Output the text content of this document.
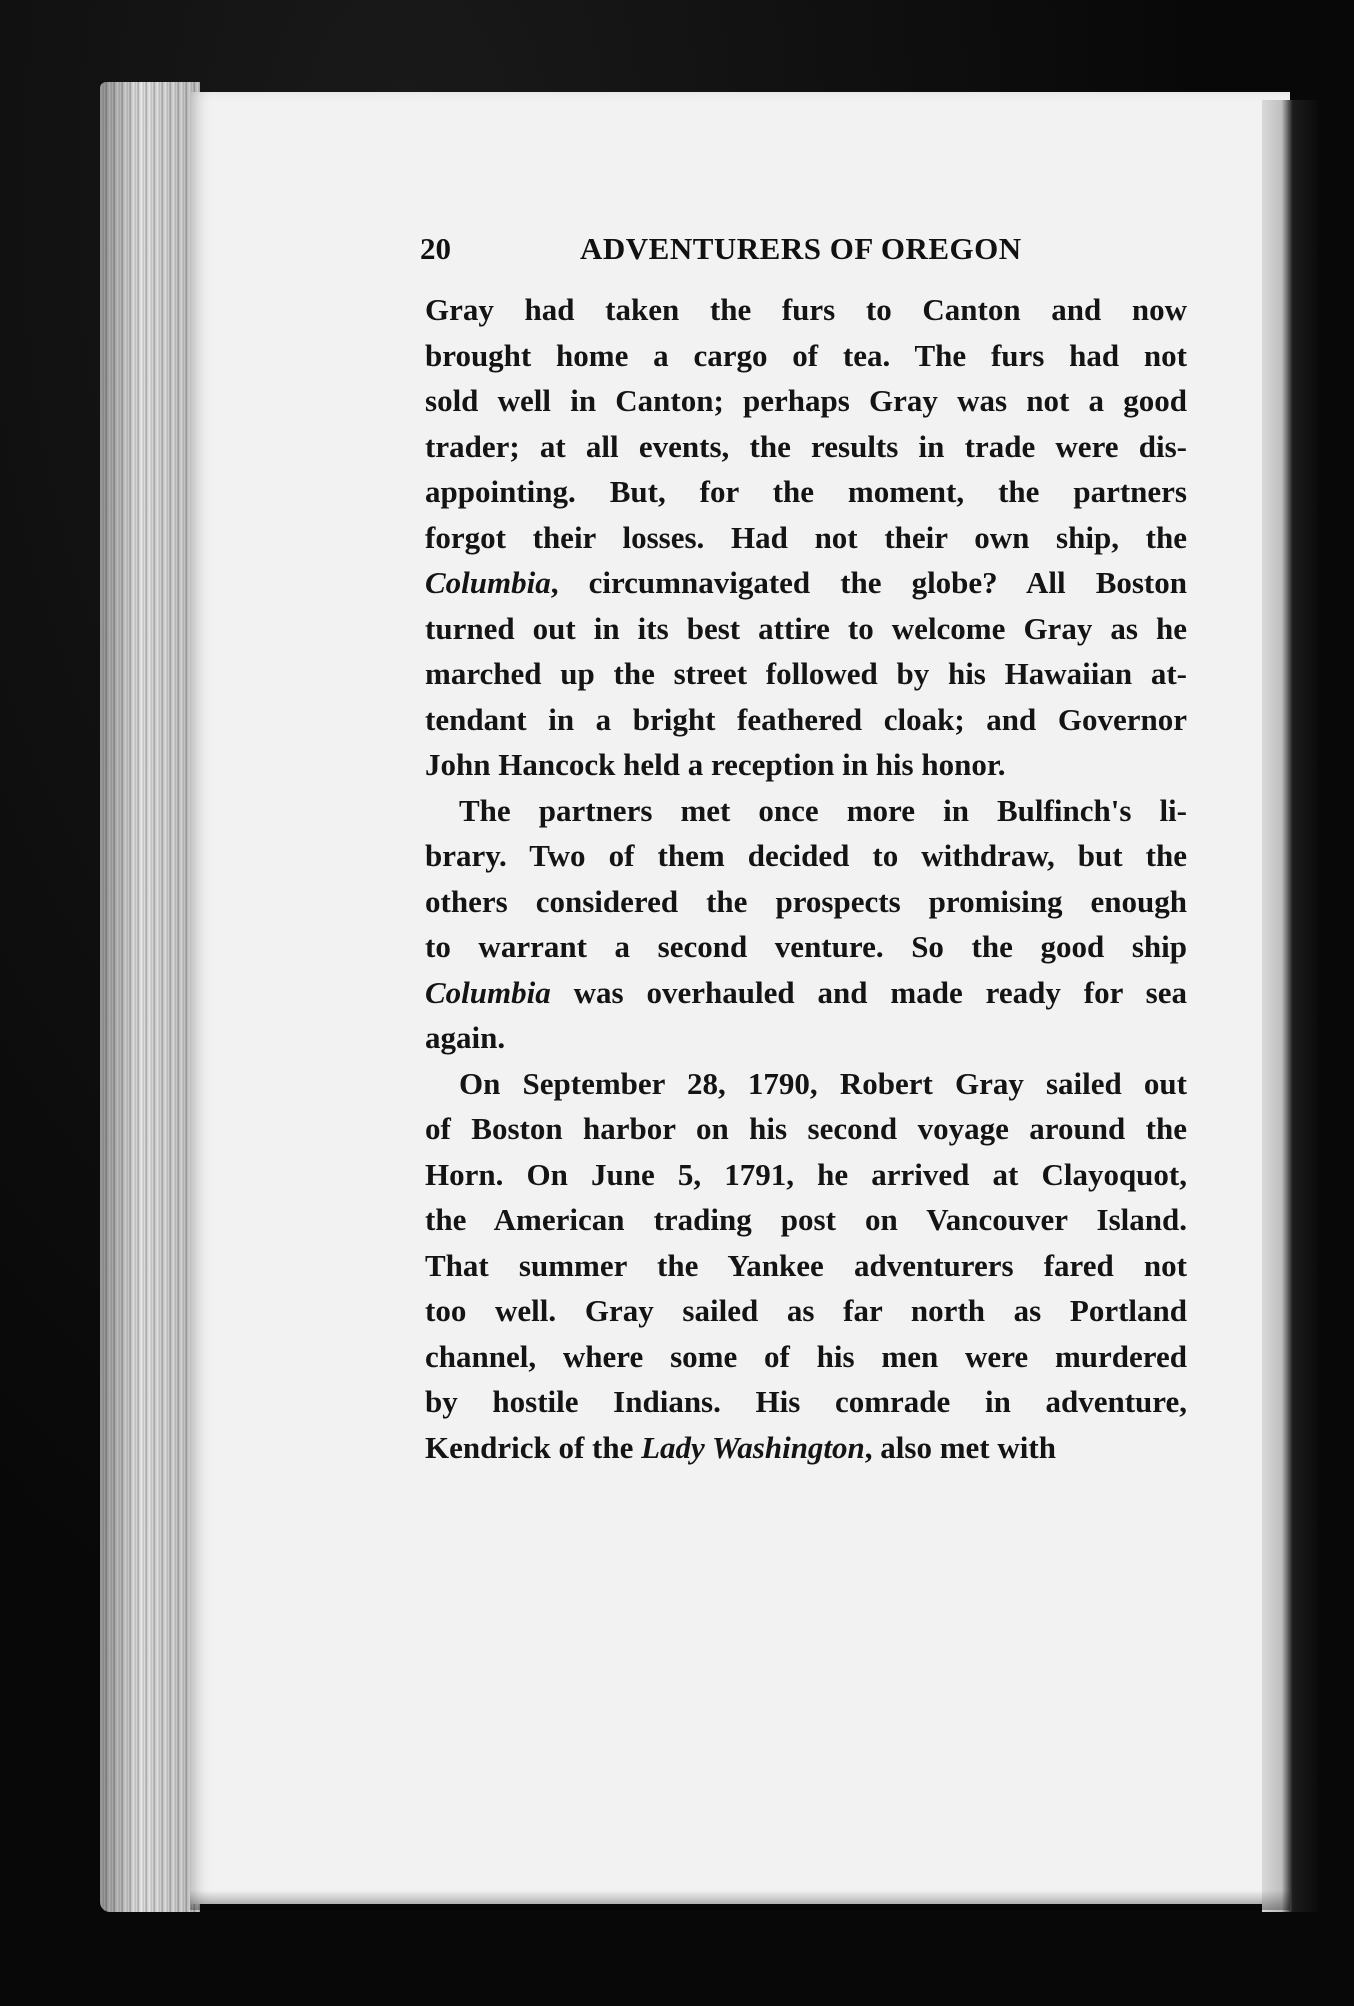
20	ADVENTURERS OF OREGON
Gray had taken the furs to Canton and now
brought home a cargo of tea. The furs had not
sold well in Canton; perhaps Gray was not a good
trader; at all events, the results in trade were dis-
appointing. But, for the moment, the partners
forgot their losses. Had not their own ship, the
Columbia, circumnavigated the globe? All Boston
turned out in its best attire to welcome Gray as he
marched up the street followed by his Hawaiian at-
tendant in a bright feathered cloak; and Governor
John Hancock held a reception in his honor.
The partners met once more in Bulfinch's li-
brary. Two of them decided to withdraw, but the
others considered the prospects promising enough
to warrant a second venture. So the good ship
Columbia was overhauled and made ready for sea
again.
On September 28, 1790, Robert Gray sailed out
of Boston harbor on his second voyage around the
Horn. On June 5, 1791, he arrived at Clayoquot,
the American trading post on Vancouver Island.
That summer the Yankee adventurers fared not
too well. Gray sailed as far north as Portland
channel, where some of his men were murdered
by hostile Indians. His comrade in adventure,
Kendrick of the Lady Washington, also met with
